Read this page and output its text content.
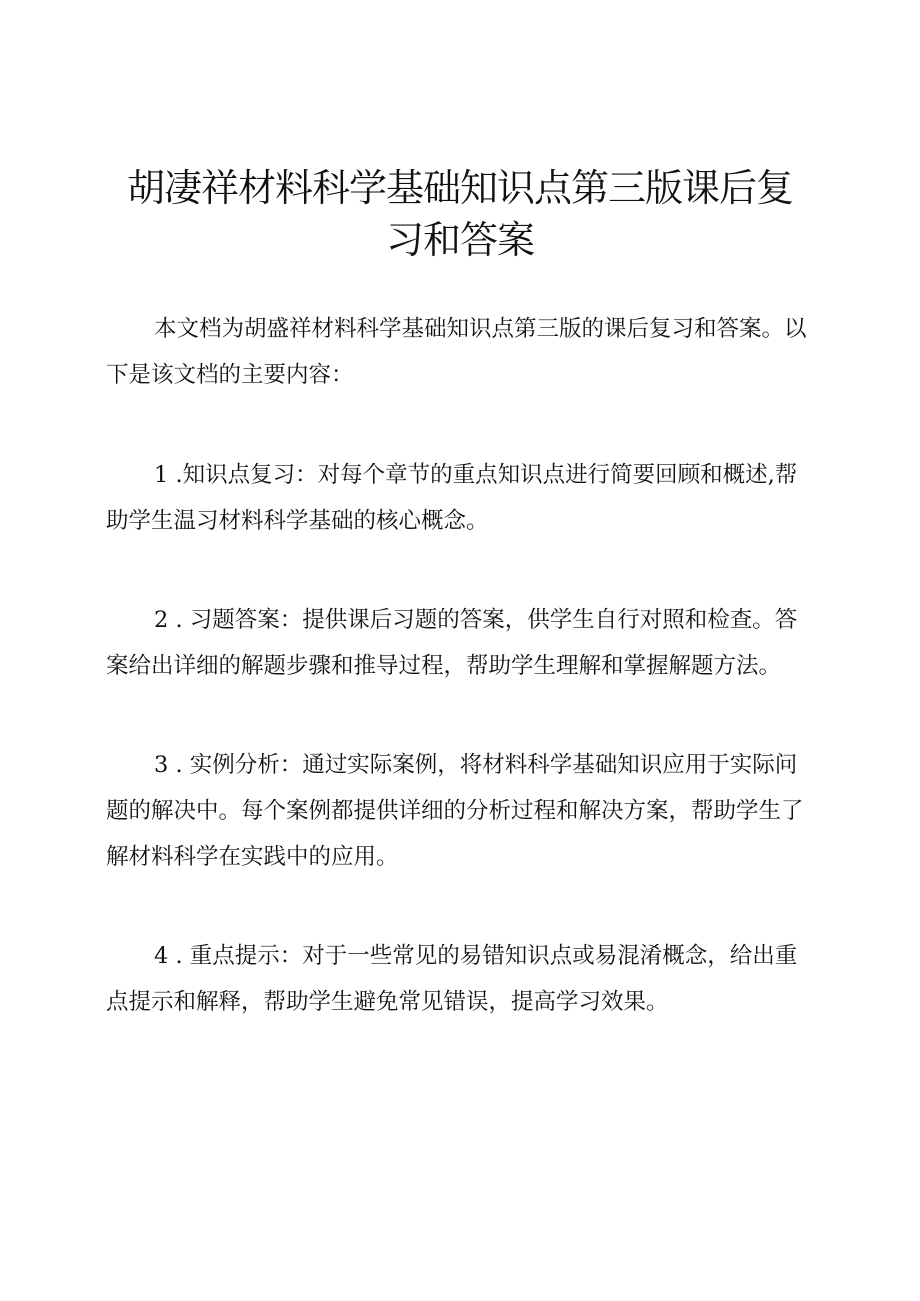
胡凄祥材料科学基础知识点第三版课后复习和答案

本文档为胡盛祥材料科学基础知识点第三版的课后复习和答案。以下是该文档的主要内容：

1 .知识点复习：对每个章节的重点知识点进行简要回顾和概述,帮助学生温习材料科学基础的核心概念。

2 . 习题答案：提供课后习题的答案，供学生自行对照和检查。答案给出详细的解题步骤和推导过程，帮助学生理解和掌握解题方法。

3 . 实例分析：通过实际案例，将材料科学基础知识应用于实际问题的解决中。每个案例都提供详细的分析过程和解决方案，帮助学生了解材料科学在实践中的应用。

4 . 重点提示：对于一些常见的易错知识点或易混淆概念，给出重点提示和解释，帮助学生避免常见错误，提高学习效果。
